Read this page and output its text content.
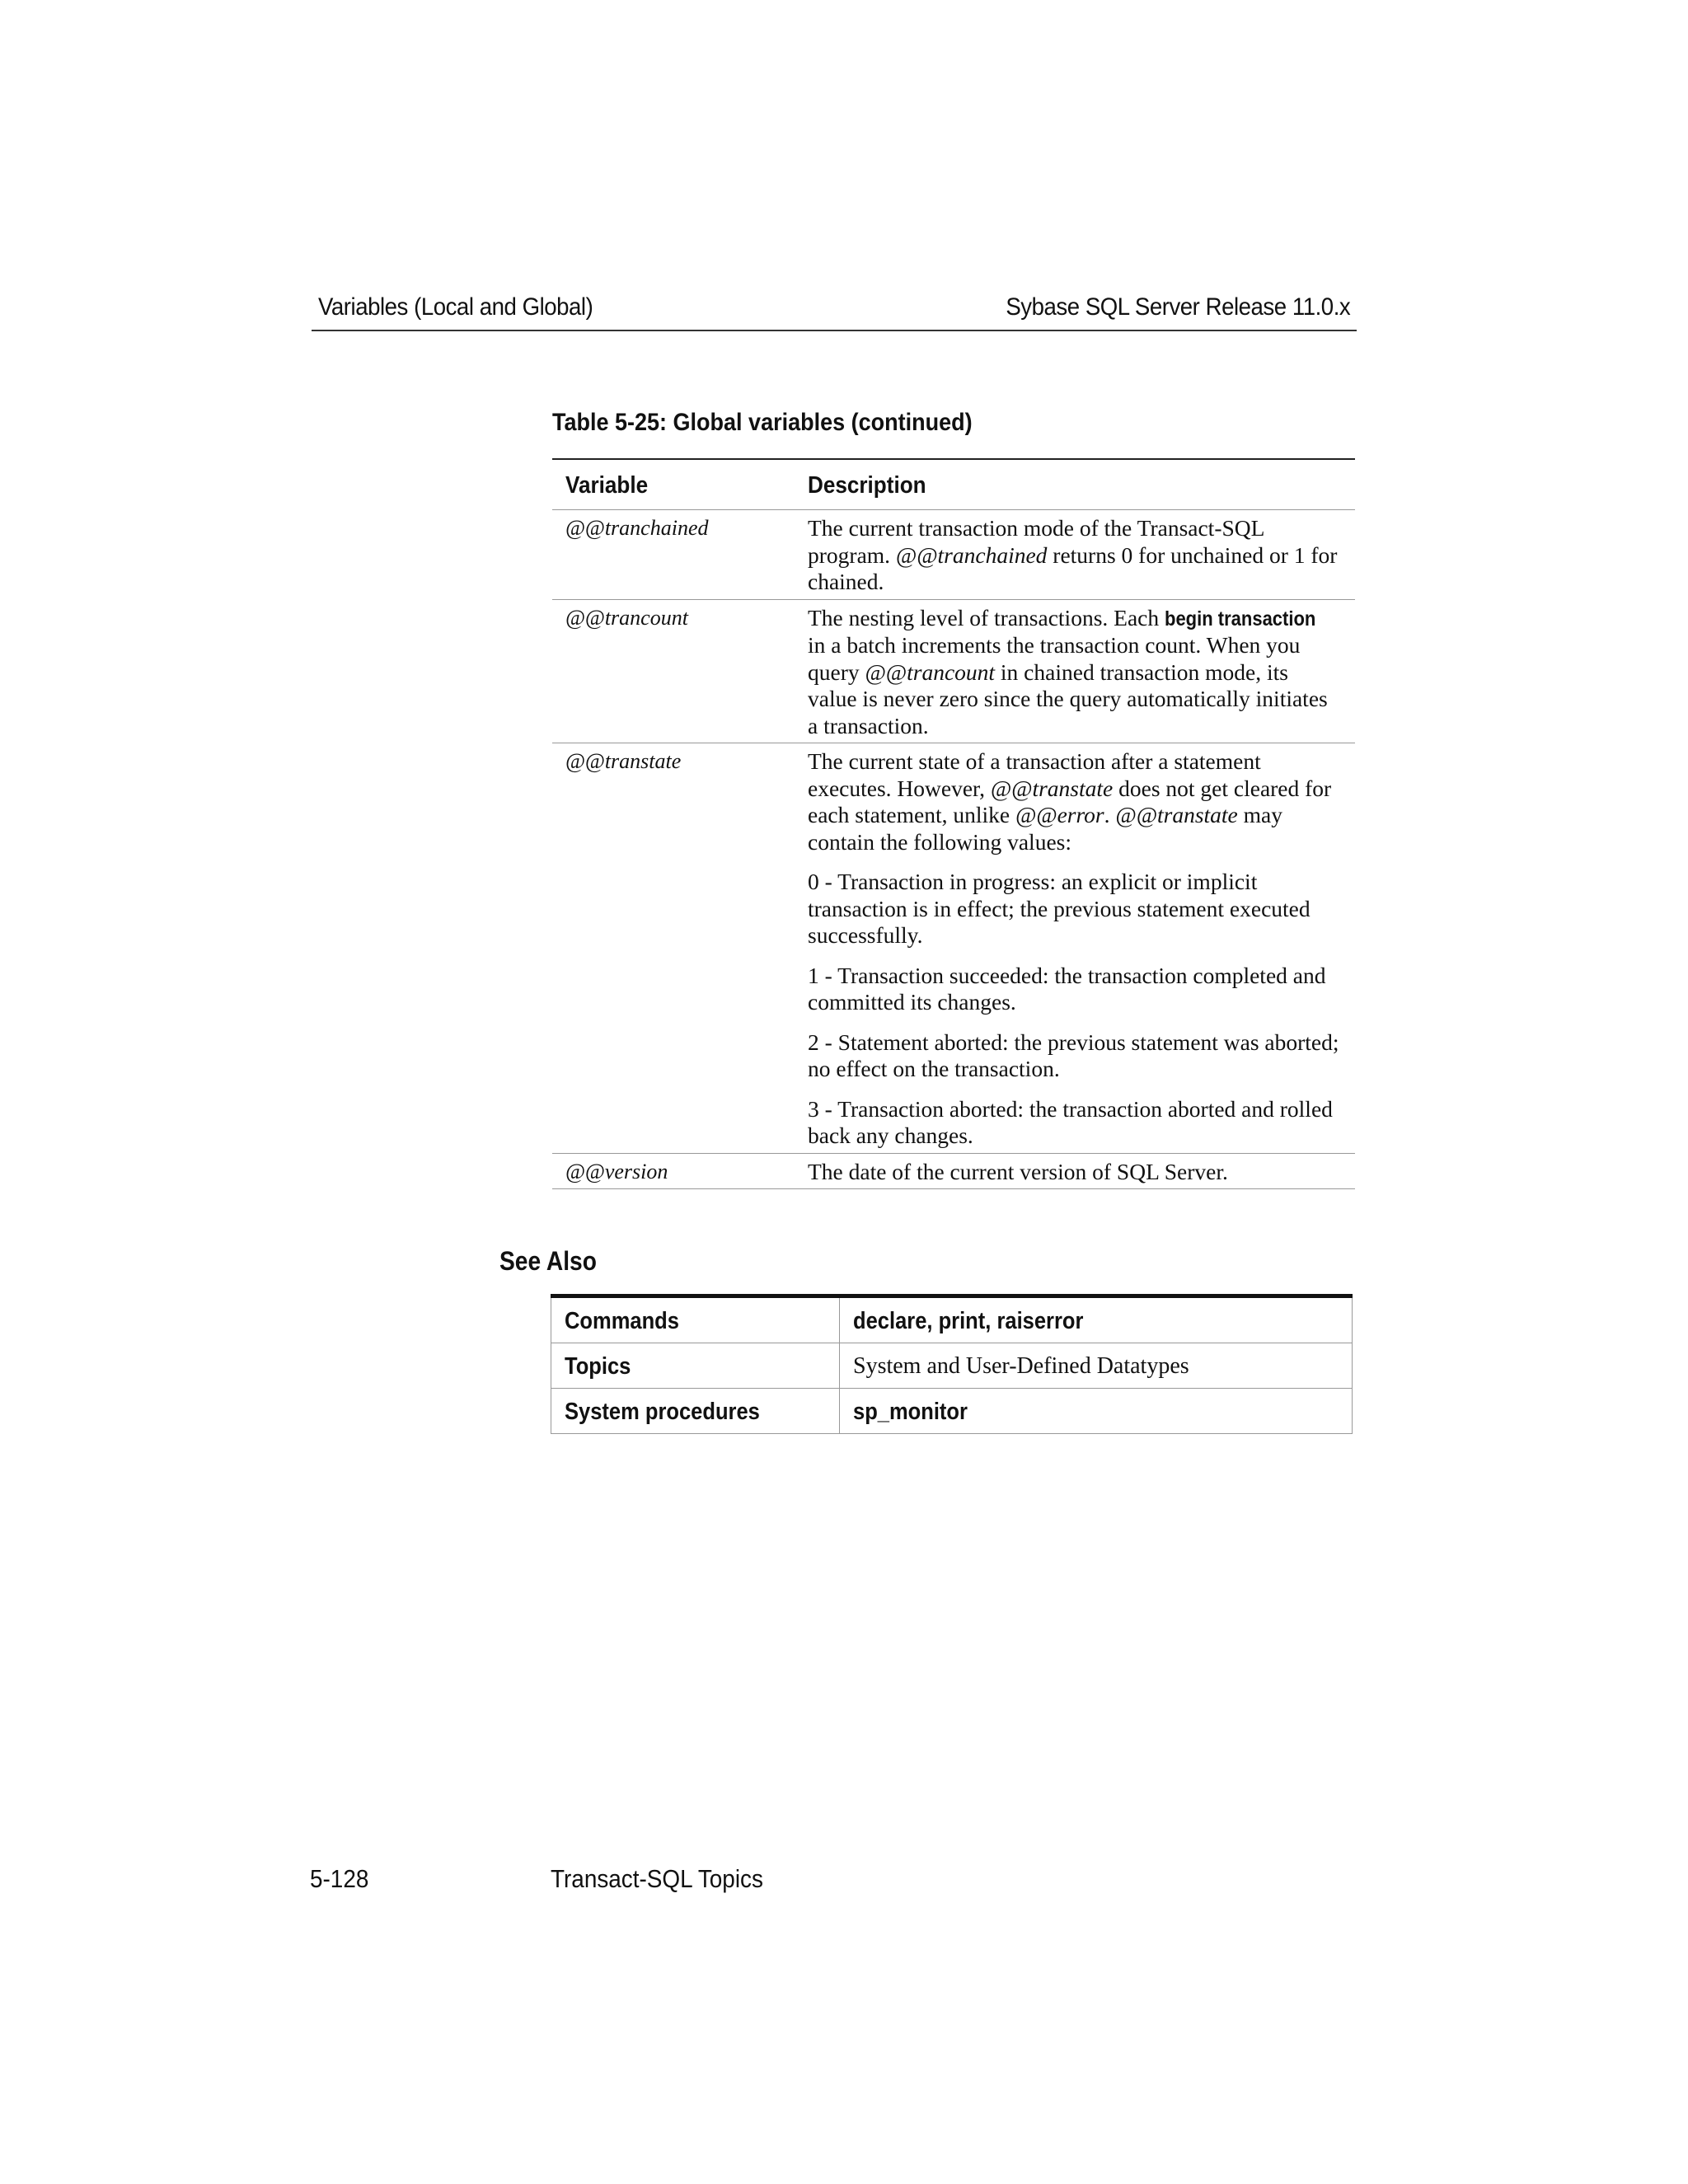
Variables (Local and Global)	Sybase SQL Server Release 11.0.x
Table 5-25: Global variables (continued)
Variable	Description
@@tranchained	The current transaction mode of the Transact-SQL program. @@tranchained returns 0 for unchained or 1 for chained.

@@trancount	The nesting level of transactions. Each begin transaction in a batch increments the transaction count. When you query @@trancount in chained transaction mode, its value is never zero since the query automatically initiates a transaction.

@@transtate	The current state of a transaction after a statement executes. However, @@transtate does not get cleared for each statement, unlike @@error. @@transtate may contain the following values:

0 - Transaction in progress: an explicit or implicit transaction is in effect; the previous statement executed successfully.

1 - Transaction succeeded: the transaction completed and committed its changes.

2 - Statement aborted: the previous statement was aborted; no effect on the transaction.

3 - Transaction aborted: the transaction aborted and rolled back any changes.

@@version	The date of the current version of SQL Server.

See Also
Commands	declare, print, raiserror
Topics	System and User-Defined Datatypes
System procedures	sp_monitor
5-128	Transact-SQL Topics
